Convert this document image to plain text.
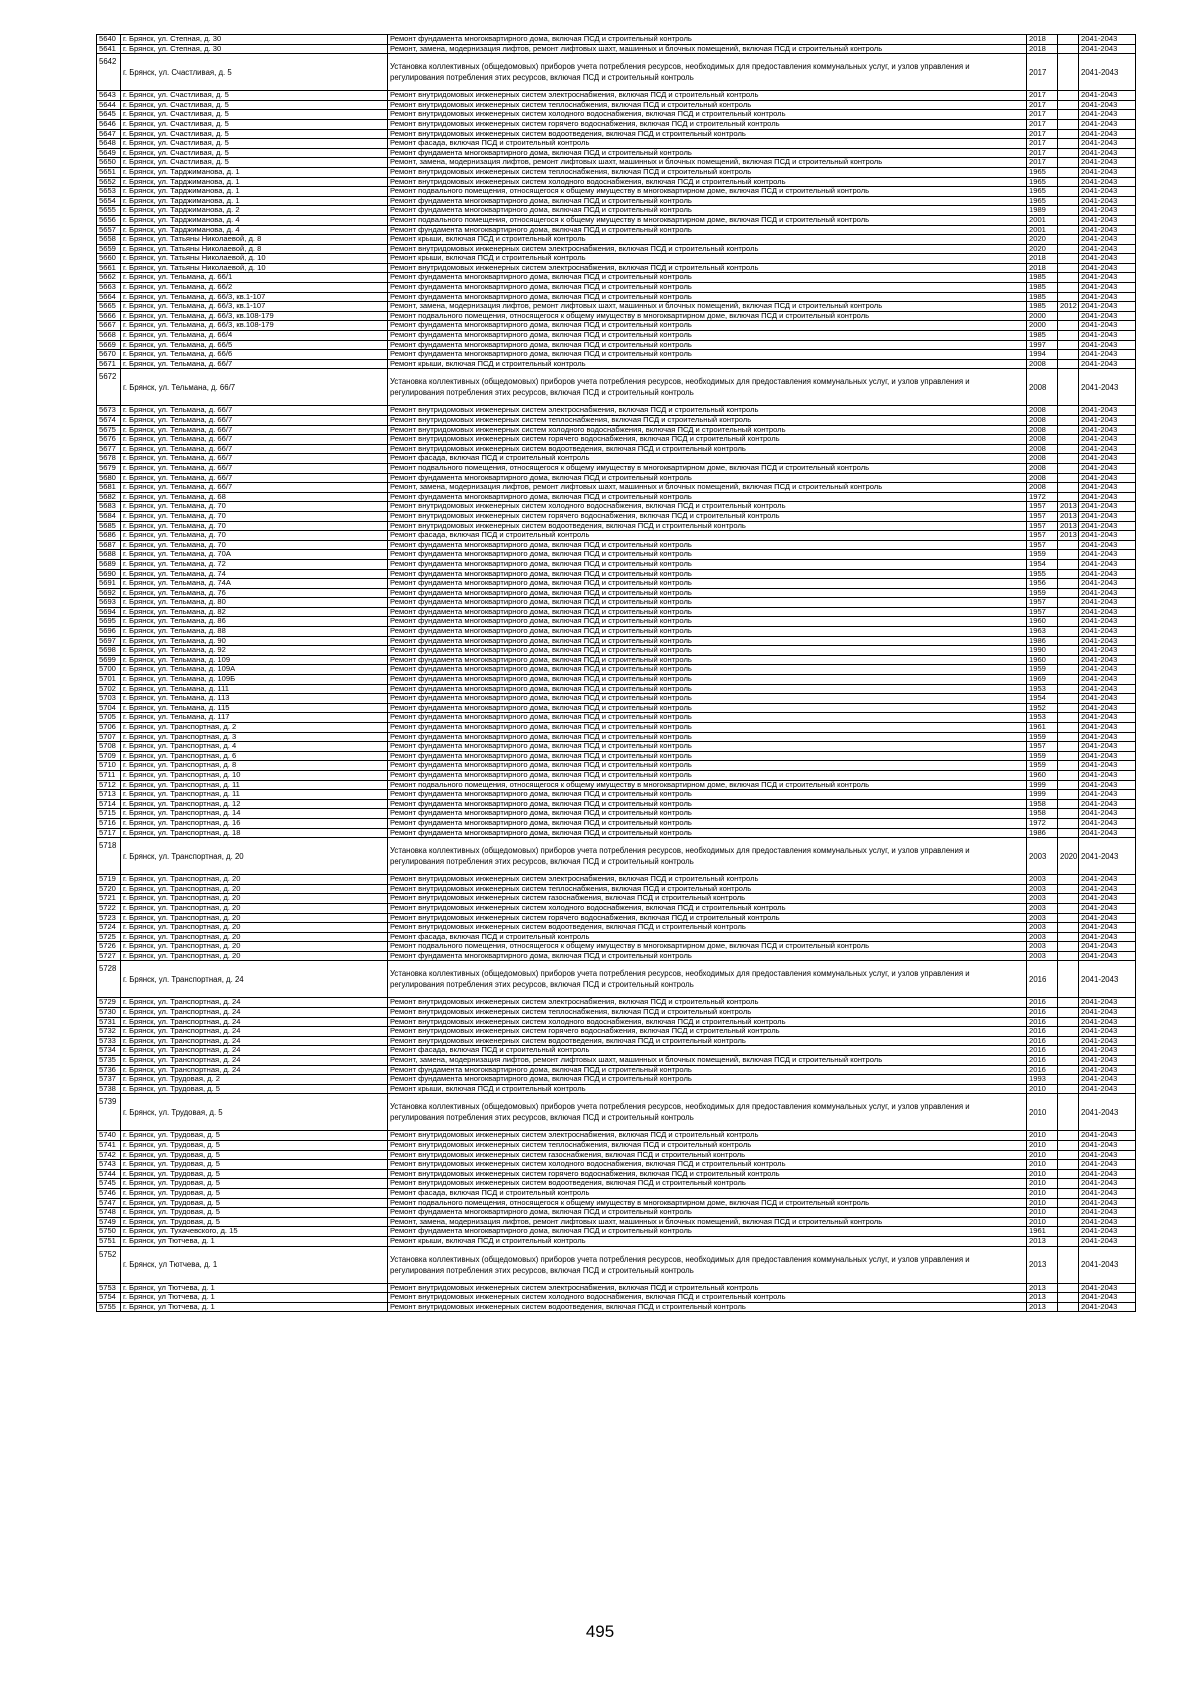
5640	г. Брянск, ул. Степная, д. 30	Ремонт фундамента многоквартирного дома, включая ПСД и строительный контроль	2018		2041-2043
5641	г. Брянск, ул. Степная, д. 30	Ремонт, замена, модернизация лифтов, ремонт лифтовых шахт, машинных и блочных помещений, включая ПСД и строительный контроль	2018		2041-2043
5642	г. Брянск, ул. Счастливая, д. 5	Установка коллективных (общедомовых) приборов учета потребления ресурсов, необходимых для предоставления коммунальных услуг, и узлов управления и регулирования потребления этих ресурсов, включая ПСД и строительный контроль	2017		2041-2043
5643	г. Брянск, ул. Счастливая, д. 5	Ремонт внутридомовых инженерных систем электроснабжения, включая ПСД и строительный контроль	2017		2041-2043
5644	г. Брянск, ул. Счастливая, д. 5	Ремонт внутридомовых инженерных систем теплоснабжения, включая ПСД и строительный контроль	2017		2041-2043
5645	г. Брянск, ул. Счастливая, д. 5	Ремонт внутридомовых инженерных систем холодного водоснабжения, включая ПСД и строительный контроль	2017		2041-2043
5646	г. Брянск, ул. Счастливая, д. 5	Ремонт внутридомовых инженерных систем горячего водоснабжения, включая ПСД и строительный контроль	2017		2041-2043
5647	г. Брянск, ул. Счастливая, д. 5	Ремонт внутридомовых инженерных систем водоотведения, включая ПСД и строительный контроль	2017		2041-2043
5648	г. Брянск, ул. Счастливая, д. 5	Ремонт фасада, включая ПСД и строительный контроль	2017		2041-2043
5649	г. Брянск, ул. Счастливая, д. 5	Ремонт фундамента многоквартирного дома, включая ПСД и строительный контроль	2017		2041-2043
5650	г. Брянск, ул. Счастливая, д. 5	Ремонт, замена, модернизация лифтов, ремонт лифтовых шахт, машинных и блочных помещений, включая ПСД и строительный контроль	2017		2041-2043
5651	г. Брянск, ул. Тарджиманова, д. 1	Ремонт внутридомовых инженерных систем теплоснабжения, включая ПСД и строительный контроль	1965		2041-2043
5652	г. Брянск, ул. Тарджиманова, д. 1	Ремонт внутридомовых инженерных систем холодного водоснабжения, включая ПСД и строительный контроль	1965		2041-2043
5653	г. Брянск, ул. Тарджиманова, д. 1	Ремонт подвального помещения, относящегося к общему имуществу в многоквартирном доме, включая ПСД и строительный контроль	1965		2041-2043
5654	г. Брянск, ул. Тарджиманова, д. 1	Ремонт фундамента многоквартирного дома, включая ПСД и строительный контроль	1965		2041-2043
5655	г. Брянск, ул. Тарджиманова, д. 2	Ремонт фундамента многоквартирного дома, включая ПСД и строительный контроль	1989		2041-2043
5656	г. Брянск, ул. Тарджиманова, д. 4	Ремонт подвального помещения, относящегося к общему имуществу в многоквартирном доме, включая ПСД и строительный контроль	2001		2041-2043
5657	г. Брянск, ул. Тарджиманова, д. 4	Ремонт фундамента многоквартирного дома, включая ПСД и строительный контроль	2001		2041-2043
5658	г. Брянск, ул. Татьяны Николаевой, д. 8	Ремонт крыши, включая ПСД и строительный контроль	2020		2041-2043
5659	г. Брянск, ул. Татьяны Николаевой, д. 8	Ремонт внутридомовых инженерных систем электроснабжения, включая ПСД и строительный контроль	2020		2041-2043
5660	г. Брянск, ул. Татьяны Николаевой, д. 10	Ремонт крыши, включая ПСД и строительный контроль	2018		2041-2043
5661	г. Брянск, ул. Татьяны Николаевой, д. 10	Ремонт внутридомовых инженерных систем электроснабжения, включая ПСД и строительный контроль	2018		2041-2043
5662	г. Брянск, ул. Тельмана, д. 66/1	Ремонт фундамента многоквартирного дома, включая ПСД и строительный контроль	1985		2041-2043
5663	г. Брянск, ул. Тельмана, д. 66/2	Ремонт фундамента многоквартирного дома, включая ПСД и строительный контроль	1985		2041-2043
5664	г. Брянск, ул. Тельмана, д. 66/3, кв.1-107	Ремонт фундамента многоквартирного дома, включая ПСД и строительный контроль	1985		2041-2043
5665	г. Брянск, ул. Тельмана, д. 66/3, кв.1-107	Ремонт, замена, модернизация лифтов, ремонт лифтовых шахт, машинных и блочных помещений, включая ПСД и строительный контроль	1985	2012	2041-2043
5666	г. Брянск, ул. Тельмана, д. 66/3, кв.108-179	Ремонт подвального помещения, относящегося к общему имуществу в многоквартирном доме, включая ПСД и строительный контроль	2000		2041-2043
5667	г. Брянск, ул. Тельмана, д. 66/3, кв.108-179	Ремонт фундамента многоквартирного дома, включая ПСД и строительный контроль	2000		2041-2043
5668	г. Брянск, ул. Тельмана, д. 66/4	Ремонт фундамента многоквартирного дома, включая ПСД и строительный контроль	1985		2041-2043
5669	г. Брянск, ул. Тельмана, д. 66/5	Ремонт фундамента многоквартирного дома, включая ПСД и строительный контроль	1997		2041-2043
5670	г. Брянск, ул. Тельмана, д. 66/6	Ремонт фундамента многоквартирного дома, включая ПСД и строительный контроль	1994		2041-2043
5671	г. Брянск, ул. Тельмана, д. 66/7	Ремонт крыши, включая ПСД и строительный контроль	2008		2041-2043
5672	г. Брянск, ул. Тельмана, д. 66/7	Установка коллективных (общедомовых) приборов учета потребления ресурсов, необходимых для предоставления коммунальных услуг, и узлов управления и регулирования потребления этих ресурсов, включая ПСД и строительный контроль	2008		2041-2043
5673	г. Брянск, ул. Тельмана, д. 66/7	Ремонт внутридомовых инженерных систем электроснабжения, включая ПСД и строительный контроль	2008		2041-2043
5674	г. Брянск, ул. Тельмана, д. 66/7	Ремонт внутридомовых инженерных систем теплоснабжения, включая ПСД и строительный контроль	2008		2041-2043
5675	г. Брянск, ул. Тельмана, д. 66/7	Ремонт внутридомовых инженерных систем холодного водоснабжения, включая ПСД и строительный контроль	2008		2041-2043
5676	г. Брянск, ул. Тельмана, д. 66/7	Ремонт внутридомовых инженерных систем горячего водоснабжения, включая ПСД и строительный контроль	2008		2041-2043
5677	г. Брянск, ул. Тельмана, д. 66/7	Ремонт внутридомовых инженерных систем водоотведения, включая ПСД и строительный контроль	2008		2041-2043
5678	г. Брянск, ул. Тельмана, д. 66/7	Ремонт фасада, включая ПСД и строительный контроль	2008		2041-2043
5679	г. Брянск, ул. Тельмана, д. 66/7	Ремонт подвального помещения, относящегося к общему имуществу в многоквартирном доме, включая ПСД и строительный контроль	2008		2041-2043
5680	г. Брянск, ул. Тельмана, д. 66/7	Ремонт фундамента многоквартирного дома, включая ПСД и строительный контроль	2008		2041-2043
5681	г. Брянск, ул. Тельмана, д. 66/7	Ремонт, замена, модернизация лифтов, ремонт лифтовых шахт, машинных и блочных помещений, включая ПСД и строительный контроль	2008		2041-2043
5682	г. Брянск, ул. Тельмана, д. 68	Ремонт фундамента многоквартирного дома, включая ПСД и строительный контроль	1972		2041-2043
5683	г. Брянск, ул. Тельмана, д. 70	Ремонт внутридомовых инженерных систем холодного водоснабжения, включая ПСД и строительный контроль	1957	2013	2041-2043
5684	г. Брянск, ул. Тельмана, д. 70	Ремонт внутридомовых инженерных систем горячего водоснабжения, включая ПСД и строительный контроль	1957	2013	2041-2043
5685	г. Брянск, ул. Тельмана, д. 70	Ремонт внутридомовых инженерных систем водоотведения, включая ПСД и строительный контроль	1957	2013	2041-2043
5686	г. Брянск, ул. Тельмана, д. 70	Ремонт фасада, включая ПСД и строительный контроль	1957	2013	2041-2043
5687	г. Брянск, ул. Тельмана, д. 70	Ремонт фундамента многоквартирного дома, включая ПСД и строительный контроль	1957		2041-2043
5688	г. Брянск, ул. Тельмана, д. 70А	Ремонт фундамента многоквартирного дома, включая ПСД и строительный контроль	1959		2041-2043
5689	г. Брянск, ул. Тельмана, д. 72	Ремонт фундамента многоквартирного дома, включая ПСД и строительный контроль	1954		2041-2043
5690	г. Брянск, ул. Тельмана, д. 74	Ремонт фундамента многоквартирного дома, включая ПСД и строительный контроль	1955		2041-2043
5691	г. Брянск, ул. Тельмана, д. 74А	Ремонт фундамента многоквартирного дома, включая ПСД и строительный контроль	1956		2041-2043
5692	г. Брянск, ул. Тельмана, д. 76	Ремонт фундамента многоквартирного дома, включая ПСД и строительный контроль	1959		2041-2043
5693	г. Брянск, ул. Тельмана, д. 80	Ремонт фундамента многоквартирного дома, включая ПСД и строительный контроль	1957		2041-2043
5694	г. Брянск, ул. Тельмана, д. 82	Ремонт фундамента многоквартирного дома, включая ПСД и строительный контроль	1957		2041-2043
5695	г. Брянск, ул. Тельмана, д. 86	Ремонт фундамента многоквартирного дома, включая ПСД и строительный контроль	1960		2041-2043
5696	г. Брянск, ул. Тельмана, д. 88	Ремонт фундамента многоквартирного дома, включая ПСД и строительный контроль	1963		2041-2043
5697	г. Брянск, ул. Тельмана, д. 90	Ремонт фундамента многоквартирного дома, включая ПСД и строительный контроль	1986		2041-2043
5698	г. Брянск, ул. Тельмана, д. 92	Ремонт фундамента многоквартирного дома, включая ПСД и строительный контроль	1990		2041-2043
5699	г. Брянск, ул. Тельмана, д. 109	Ремонт фундамента многоквартирного дома, включая ПСД и строительный контроль	1960		2041-2043
5700	г. Брянск, ул. Тельмана, д. 109А	Ремонт фундамента многоквартирного дома, включая ПСД и строительный контроль	1959		2041-2043
5701	г. Брянск, ул. Тельмана, д. 109Б	Ремонт фундамента многоквартирного дома, включая ПСД и строительный контроль	1969		2041-2043
5702	г. Брянск, ул. Тельмана, д. 111	Ремонт фундамента многоквартирного дома, включая ПСД и строительный контроль	1953		2041-2043
5703	г. Брянск, ул. Тельмана, д. 113	Ремонт фундамента многоквартирного дома, включая ПСД и строительный контроль	1954		2041-2043
5704	г. Брянск, ул. Тельмана, д. 115	Ремонт фундамента многоквартирного дома, включая ПСД и строительный контроль	1952		2041-2043
5705	г. Брянск, ул. Тельмана, д. 117	Ремонт фундамента многоквартирного дома, включая ПСД и строительный контроль	1953		2041-2043
5706	г. Брянск, ул. Транспортная, д. 2	Ремонт фундамента многоквартирного дома, включая ПСД и строительный контроль	1961		2041-2043
5707	г. Брянск, ул. Транспортная, д. 3	Ремонт фундамента многоквартирного дома, включая ПСД и строительный контроль	1959		2041-2043
5708	г. Брянск, ул. Транспортная, д. 4	Ремонт фундамента многоквартирного дома, включая ПСД и строительный контроль	1957		2041-2043
5709	г. Брянск, ул. Транспортная, д. 6	Ремонт фундамента многоквартирного дома, включая ПСД и строительный контроль	1959		2041-2043
5710	г. Брянск, ул. Транспортная, д. 8	Ремонт фундамента многоквартирного дома, включая ПСД и строительный контроль	1959		2041-2043
5711	г. Брянск, ул. Транспортная, д. 10	Ремонт фундамента многоквартирного дома, включая ПСД и строительный контроль	1960		2041-2043
5712	г. Брянск, ул. Транспортная, д. 11	Ремонт подвального помещения, относящегося к общему имуществу в многоквартирном доме, включая ПСД и строительный контроль	1999		2041-2043
5713	г. Брянск, ул. Транспортная, д. 11	Ремонт фундамента многоквартирного дома, включая ПСД и строительный контроль	1999		2041-2043
5714	г. Брянск, ул. Транспортная, д. 12	Ремонт фундамента многоквартирного дома, включая ПСД и строительный контроль	1958		2041-2043
5715	г. Брянск, ул. Транспортная, д. 14	Ремонт фундамента многоквартирного дома, включая ПСД и строительный контроль	1958		2041-2043
5716	г. Брянск, ул. Транспортная, д. 16	Ремонт фундамента многоквартирного дома, включая ПСД и строительный контроль	1972		2041-2043
5717	г. Брянск, ул. Транспортная, д. 18	Ремонт фундамента многоквартирного дома, включая ПСД и строительный контроль	1986		2041-2043
5718	г. Брянск, ул. Транспортная, д. 20	Установка коллективных (общедомовых) приборов учета потребления ресурсов, необходимых для предоставления коммунальных услуг, и узлов управления и регулирования потребления этих ресурсов, включая ПСД и строительный контроль	2003	2020	2041-2043
5719	г. Брянск, ул. Транспортная, д. 20	Ремонт внутридомовых инженерных систем электроснабжения, включая ПСД и строительный контроль	2003		2041-2043
5720	г. Брянск, ул. Транспортная, д. 20	Ремонт внутридомовых инженерных систем теплоснабжения, включая ПСД и строительный контроль	2003		2041-2043
5721	г. Брянск, ул. Транспортная, д. 20	Ремонт внутридомовых инженерных систем газоснабжения, включая ПСД и строительный контроль	2003		2041-2043
5722	г. Брянск, ул. Транспортная, д. 20	Ремонт внутридомовых инженерных систем холодного водоснабжения, включая ПСД и строительный контроль	2003		2041-2043
5723	г. Брянск, ул. Транспортная, д. 20	Ремонт внутридомовых инженерных систем горячего водоснабжения, включая ПСД и строительный контроль	2003		2041-2043
5724	г. Брянск, ул. Транспортная, д. 20	Ремонт внутридомовых инженерных систем водоотведения, включая ПСД и строительный контроль	2003		2041-2043
5725	г. Брянск, ул. Транспортная, д. 20	Ремонт фасада, включая ПСД и строительный контроль	2003		2041-2043
5726	г. Брянск, ул. Транспортная, д. 20	Ремонт подвального помещения, относящегося к общему имуществу в многоквартирном доме, включая ПСД и строительный контроль	2003		2041-2043
5727	г. Брянск, ул. Транспортная, д. 20	Ремонт фундамента многоквартирного дома, включая ПСД и строительный контроль	2003		2041-2043
5728	г. Брянск, ул. Транспортная, д. 24	Установка коллективных (общедомовых) приборов учета потребления ресурсов, необходимых для предоставления коммунальных услуг, и узлов управления и регулирования потребления этих ресурсов, включая ПСД и строительный контроль	2016		2041-2043
5729	г. Брянск, ул. Транспортная, д. 24	Ремонт внутридомовых инженерных систем электроснабжения, включая ПСД и строительный контроль	2016		2041-2043
5730	г. Брянск, ул. Транспортная, д. 24	Ремонт внутридомовых инженерных систем теплоснабжения, включая ПСД и строительный контроль	2016		2041-2043
5731	г. Брянск, ул. Транспортная, д. 24	Ремонт внутридомовых инженерных систем холодного водоснабжения, включая ПСД и строительный контроль	2016		2041-2043
5732	г. Брянск, ул. Транспортная, д. 24	Ремонт внутридомовых инженерных систем горячего водоснабжения, включая ПСД и строительный контроль	2016		2041-2043
5733	г. Брянск, ул. Транспортная, д. 24	Ремонт внутридомовых инженерных систем водоотведения, включая ПСД и строительный контроль	2016		2041-2043
5734	г. Брянск, ул. Транспортная, д. 24	Ремонт фасада, включая ПСД и строительный контроль	2016		2041-2043
5735	г. Брянск, ул. Транспортная, д. 24	Ремонт, замена, модернизация лифтов, ремонт лифтовых шахт, машинных и блочных помещений, включая ПСД и строительный контроль	2016		2041-2043
5736	г. Брянск, ул. Транспортная, д. 24	Ремонт фундамента многоквартирного дома, включая ПСД и строительный контроль	2016		2041-2043
5737	г. Брянск, ул. Трудовая, д. 2	Ремонт фундамента многоквартирного дома, включая ПСД и строительный контроль	1993		2041-2043
5738	г. Брянск, ул. Трудовая, д. 5	Ремонт крыши, включая ПСД и строительный контроль	2010		2041-2043
5739	г. Брянск, ул. Трудовая, д. 5	Установка коллективных (общедомовых) приборов учета потребления ресурсов, необходимых для предоставления коммунальных услуг, и узлов управления и регулирования потребления этих ресурсов, включая ПСД и строительный контроль	2010		2041-2043
5740	г. Брянск, ул. Трудовая, д. 5	Ремонт внутридомовых инженерных систем электроснабжения, включая ПСД и строительный контроль	2010		2041-2043
5741	г. Брянск, ул. Трудовая, д. 5	Ремонт внутридомовых инженерных систем теплоснабжения, включая ПСД и строительный контроль	2010		2041-2043
5742	г. Брянск, ул. Трудовая, д. 5	Ремонт внутридомовых инженерных систем газоснабжения, включая ПСД и строительный контроль	2010		2041-2043
5743	г. Брянск, ул. Трудовая, д. 5	Ремонт внутридомовых инженерных систем холодного водоснабжения, включая ПСД и строительный контроль	2010		2041-2043
5744	г. Брянск, ул. Трудовая, д. 5	Ремонт внутридомовых инженерных систем горячего водоснабжения, включая ПСД и строительный контроль	2010		2041-2043
5745	г. Брянск, ул. Трудовая, д. 5	Ремонт внутридомовых инженерных систем водоотведения, включая ПСД и строительный контроль	2010		2041-2043
5746	г. Брянск, ул. Трудовая, д. 5	Ремонт фасада, включая ПСД и строительный контроль	2010		2041-2043
5747	г. Брянск, ул. Трудовая, д. 5	Ремонт подвального помещения, относящегося к общему имуществу в многоквартирном доме, включая ПСД и строительный контроль	2010		2041-2043
5748	г. Брянск, ул. Трудовая, д. 5	Ремонт фундамента многоквартирного дома, включая ПСД и строительный контроль	2010		2041-2043
5749	г. Брянск, ул. Трудовая, д. 5	Ремонт, замена, модернизация лифтов, ремонт лифтовых шахт, машинных и блочных помещений, включая ПСД и строительный контроль	2010		2041-2043
5750	г. Брянск, ул. Тухачевского, д. 15	Ремонт фундамента многоквартирного дома, включая ПСД и строительный контроль	1961		2041-2043
5751	г. Брянск, ул Тютчева, д. 1	Ремонт крыши, включая ПСД и строительный контроль	2013		2041-2043
5752	г. Брянск, ул Тютчева, д. 1	Установка коллективных (общедомовых) приборов учета потребления ресурсов, необходимых для предоставления коммунальных услуг, и узлов управления и регулирования потребления этих ресурсов, включая ПСД и строительный контроль	2013		2041-2043
5753	г. Брянск, ул Тютчева, д. 1	Ремонт внутридомовых инженерных систем электроснабжения, включая ПСД и строительный контроль	2013		2041-2043
5754	г. Брянск, ул Тютчева, д. 1	Ремонт внутридомовых инженерных систем холодного водоснабжения, включая ПСД и строительный контроль	2013		2041-2043
5755	г. Брянск, ул Тютчева, д. 1	Ремонт внутридомовых инженерных систем водоотведения, включая ПСД и строительный контроль	2013		2041-2043
495
